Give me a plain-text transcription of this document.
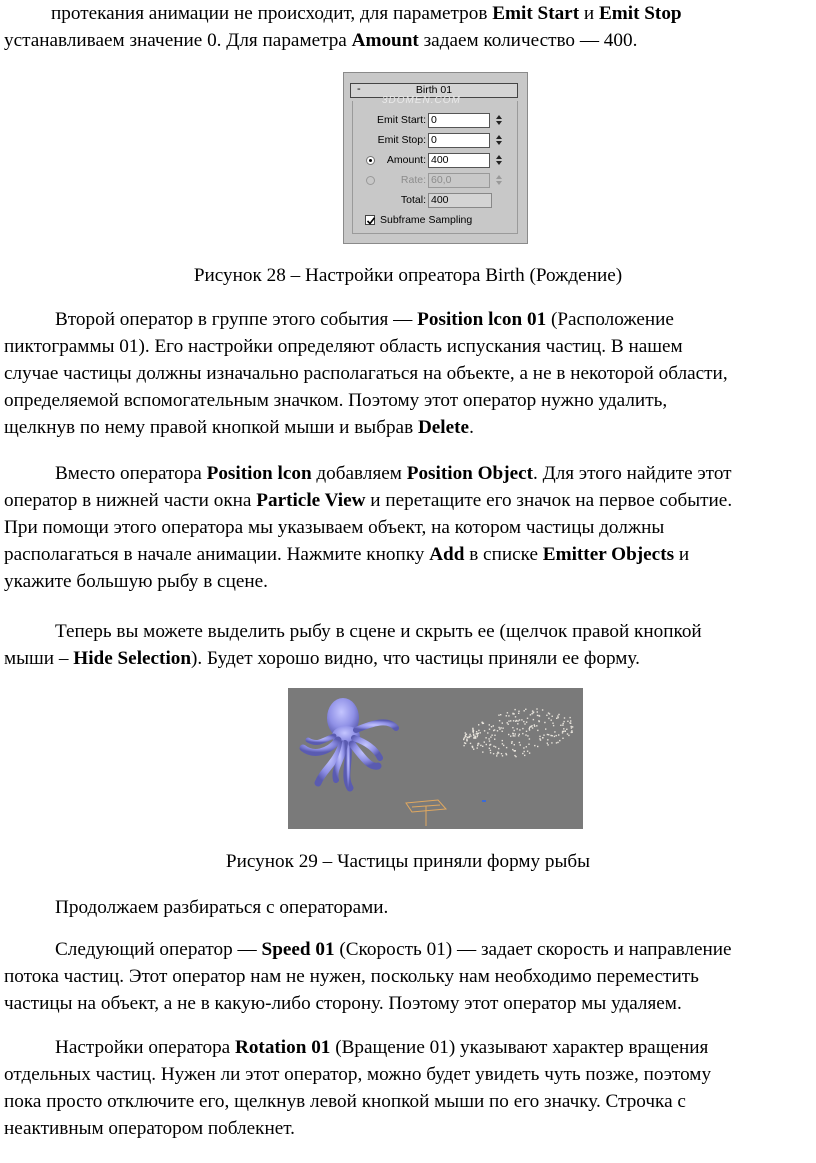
протекания анимации не происходит, для параметров Emit Start и Emit Stop
устанавливаем значение 0. Для параметра Amount задаем количество — 400.
-	Birth 01
3DOMEN.COM
Emit Start: 0
Emit Stop: 0
Amount: 400
Rate: 60,0
Total: 400
Subframe Sampling

Рисунок 28 – Настройки опреатора Birth (Рождение)

Второй оператор в группе этого события — Position lcon 01 (Расположение
пиктограммы 01). Его настройки определяют область испускания частиц. В нашем
случае частицы должны изначально располагаться на объекте, а не в некоторой области,
определяемой вспомогательным значком. Поэтому этот оператор нужно удалить,
щелкнув по нему правой кнопкой мыши и выбрав Delete.
Вместо оператора Position lcon добавляем Position Object. Для этого найдите этот
оператор в нижней части окна Particle View и перетащите его значок на первое событие.
При помощи этого оператора мы указываем объект, на котором частицы должны
располагаться в начале анимации. Нажмите кнопку Add в списке Emitter Objects и
укажите большую рыбу в сцене.
Теперь вы можете выделить рыбу в сцене и скрыть ее (щелчок правой кнопкой
мыши – Hide Selection). Будет хорошо видно, что частицы приняли ее форму.

Рисунок 29 – Частицы приняли форму рыбы

Продолжаем разбираться с операторами.
Следующий оператор — Speed 01 (Скорость 01) — задает скорость и направление
потока частиц. Этот оператор нам не нужен, поскольку нам необходимо переместить
частицы на объект, а не в какую-либо сторону. Поэтому этот оператор мы удаляем.
Настройки оператора Rotation 01 (Вращение 01) указывают характер вращения
отдельных частиц. Нужен ли этот оператор, можно будет увидеть чуть позже, поэтому
пока просто отключите его, щелкнув левой кнопкой мыши по его значку. Строчка с
неактивным оператором поблекнет.
